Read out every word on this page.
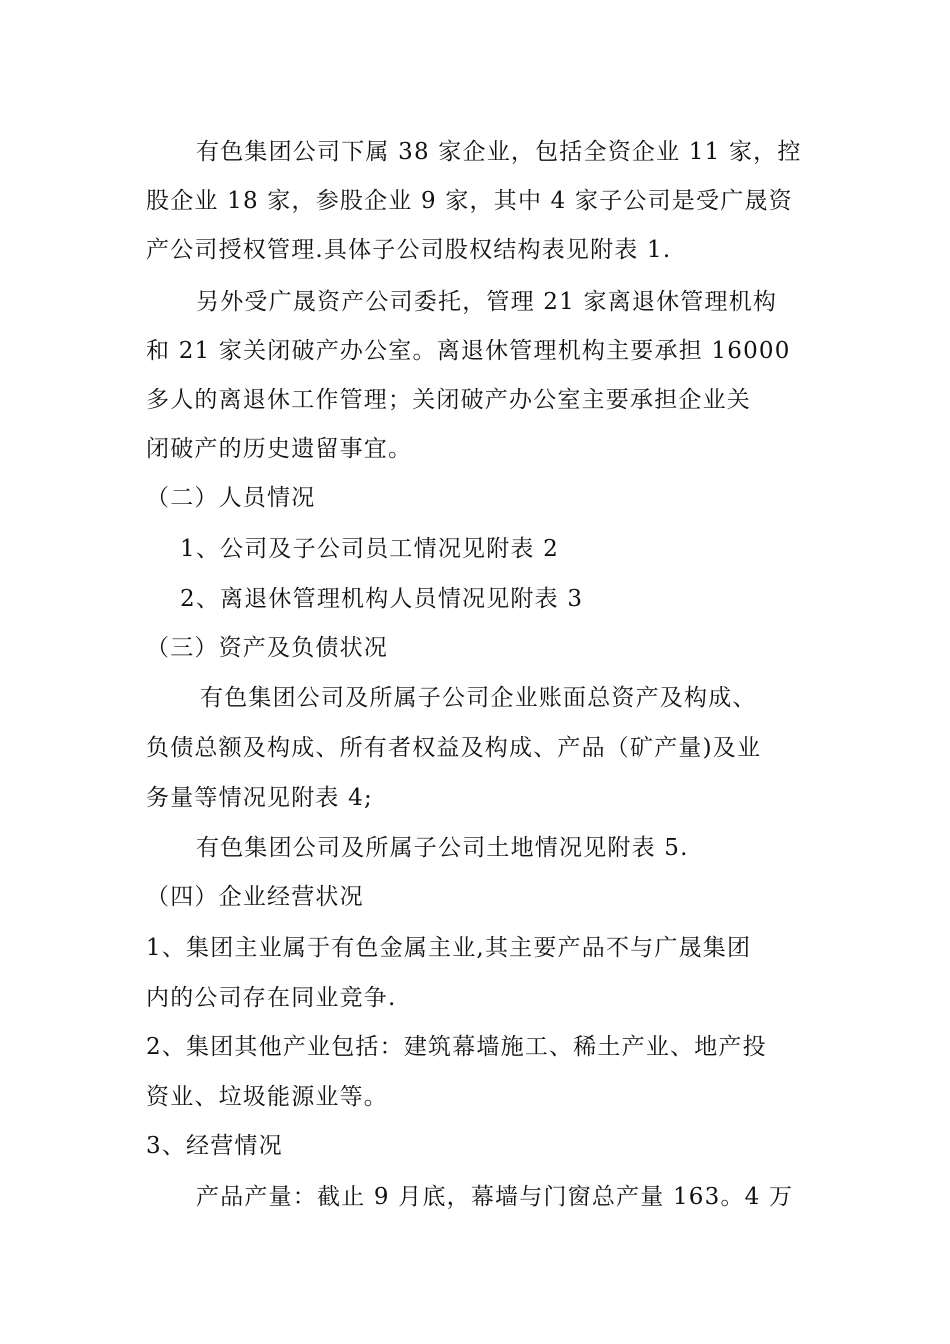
有色集团公司下属 38 家企业，包括全资企业 11 家，控
股企业 18 家，参股企业 9 家，其中 4 家子公司是受广晟资
产公司授权管理.具体子公司股权结构表见附表 1.
另外受广晟资产公司委托，管理 21 家离退休管理机构
和 21 家关闭破产办公室。离退休管理机构主要承担 16000
多人的离退休工作管理；关闭破产办公室主要承担企业关
闭破产的历史遗留事宜。
（二）人员情况
1、公司及子公司员工情况见附表 2
2、离退休管理机构人员情况见附表 3
（三）资产及负债状况
有色集团公司及所属子公司企业账面总资产及构成、
负债总额及构成、所有者权益及构成、产品（矿产量)及业
务量等情况见附表 4;
有色集团公司及所属子公司土地情况见附表 5.
（四）企业经营状况
1、集团主业属于有色金属主业,其主要产品不与广晟集团
内的公司存在同业竞争.
2、集团其他产业包括：建筑幕墙施工、稀土产业、地产投
资业、垃圾能源业等。
3、经营情况
产品产量：截止 9 月底，幕墙与门窗总产量 163。4 万
